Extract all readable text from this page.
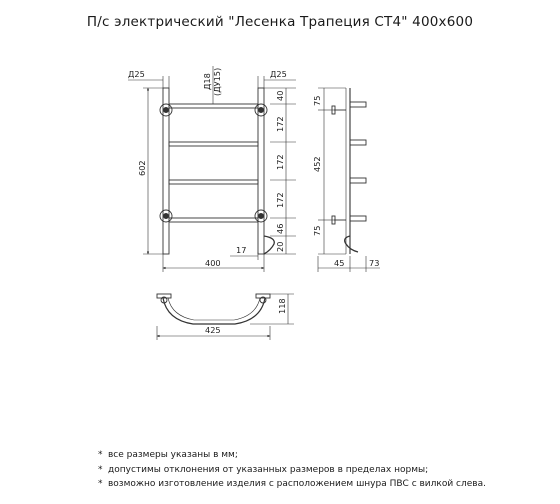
П/с электрический "Лесенка Трапеция СТ4" 400х600
Д25	Д25
Д18 (ДУ15)
602
40
172
172
172
46
20
400
17
75
452
75
45	73
118
425
* все размеры указаны в мм;
* допустимы отклонения от указанных размеров в пределах нормы;
* возможно изготовление изделия с расположением шнура ПВС с вилкой слева.
